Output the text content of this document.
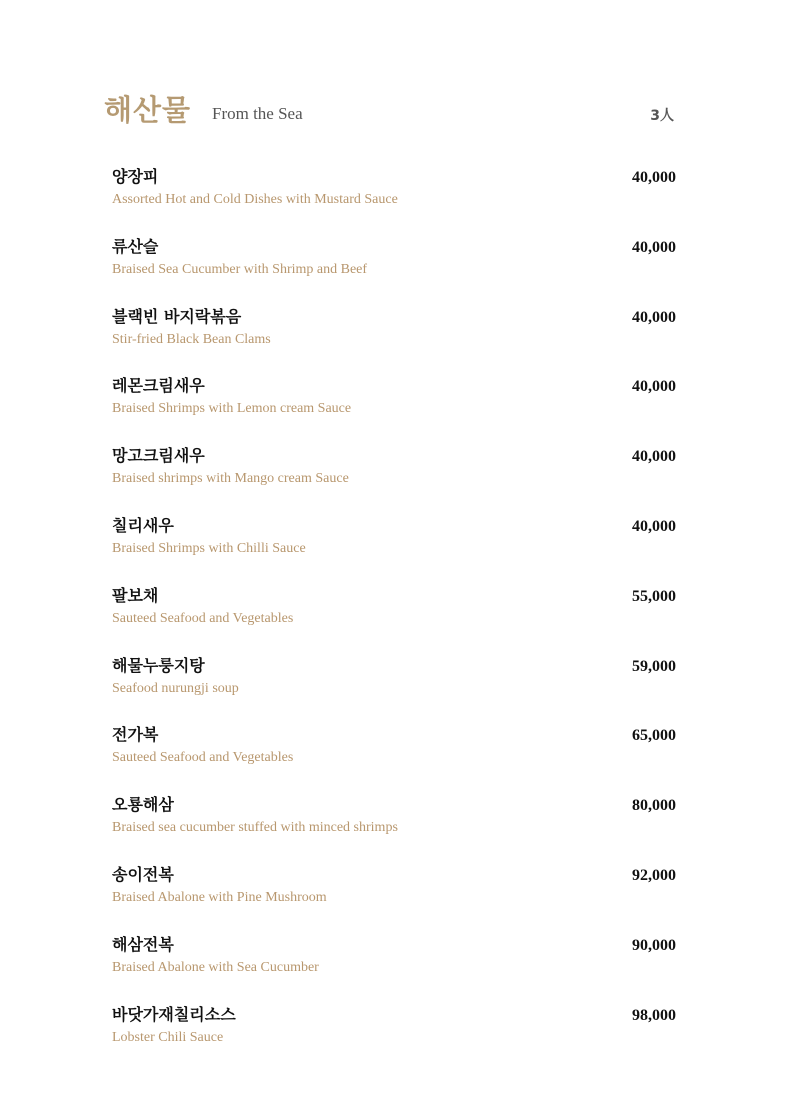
해산물 From the Sea	3人
양장피
Assorted Hot and Cold Dishes with Mustard Sauce
40,000
류산슬
Braised Sea Cucumber with Shrimp and Beef
40,000
블랙빈 바지락볶음
Stir-fried Black Bean Clams
40,000
레몬크림새우
Braised Shrimps with Lemon cream Sauce
40,000
망고크림새우
Braised shrimps with Mango cream Sauce
40,000
칠리새우
Braised Shrimps with Chilli Sauce
40,000
팔보채
Sauteed Seafood and Vegetables
55,000
해물누룽지탕
Seafood nurungji soup
59,000
전가복
Sauteed Seafood and Vegetables
65,000
오룡해삼
Braised sea cucumber stuffed with minced shrimps
80,000
송이전복
Braised Abalone with Pine Mushroom
92,000
해삼전복
Braised Abalone with Sea Cucumber
90,000
바닷가재칠리소스
Lobster Chili Sauce
98,000
